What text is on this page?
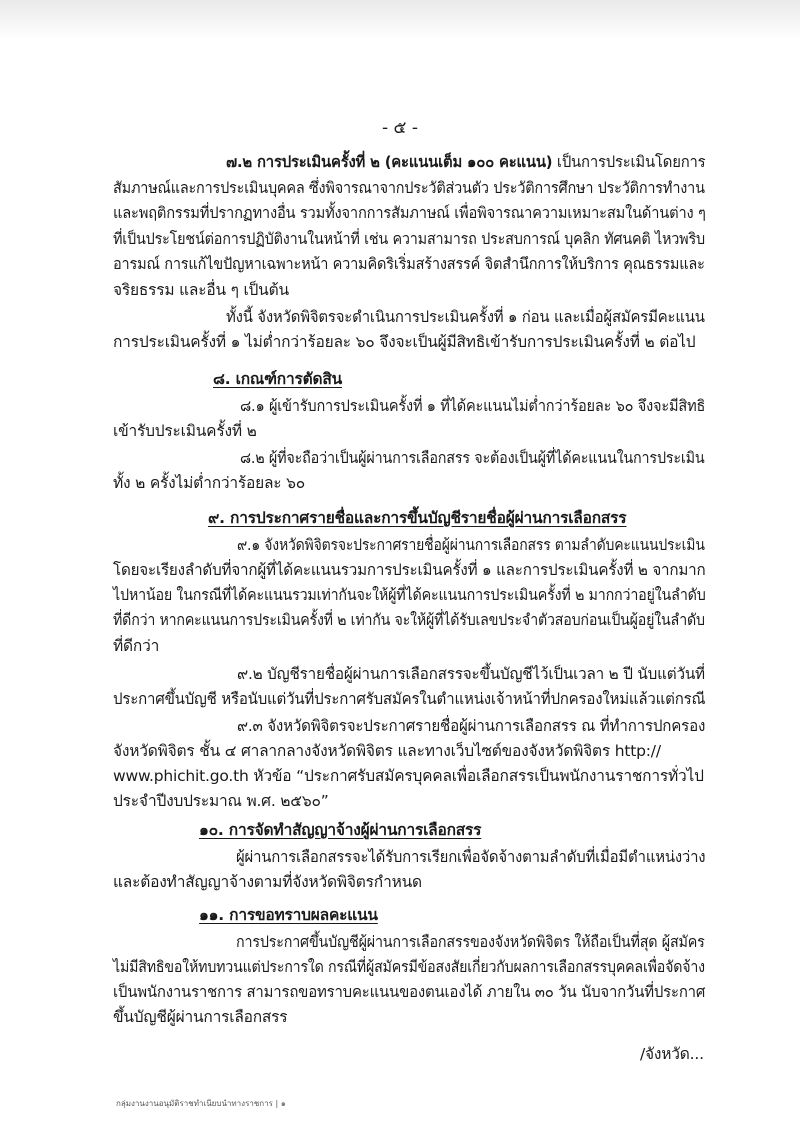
- ๕ -
๗.๒ การประเมินครั้งที่ ๒ (คะแนนเต็ม ๑๐๐ คะแนน) เป็นการประเมินโดยการ
สัมภาษณ์และการประเมินบุคคล ซึ่งพิจารณาจากประวัติส่วนตัว ประวัติการศึกษา ประวัติการทำงาน
และพฤติกรรมที่ปรากฏทางอื่น รวมทั้งจากการสัมภาษณ์ เพื่อพิจารณาความเหมาะสมในด้านต่าง ๆ
ที่เป็นประโยชน์ต่อการปฏิบัติงานในหน้าที่ เช่น ความสามารถ ประสบการณ์ บุคลิก ทัศนคติ ไหวพริบ
อารมณ์ การแก้ไขปัญหาเฉพาะหน้า ความคิดริเริ่มสร้างสรรค์ จิตสำนึกการให้บริการ คุณธรรมและ
จริยธรรม และอื่น ๆ เป็นต้น
ทั้งนี้ จังหวัดพิจิตรจะดำเนินการประเมินครั้งที่ ๑ ก่อน และเมื่อผู้สมัครมีคะแนน
การประเมินครั้งที่ ๑ ไม่ต่ำกว่าร้อยละ ๖๐ จึงจะเป็นผู้มีสิทธิเข้ารับการประเมินครั้งที่ ๒ ต่อไป
๘. เกณฑ์การตัดสิน
๘.๑ ผู้เข้ารับการประเมินครั้งที่ ๑ ที่ได้คะแนนไม่ต่ำกว่าร้อยละ ๖๐ จึงจะมีสิทธิ
เข้ารับประเมินครั้งที่ ๒
๘.๒ ผู้ที่จะถือว่าเป็นผู้ผ่านการเลือกสรร จะต้องเป็นผู้ที่ได้คะแนนในการประเมิน
ทั้ง ๒ ครั้งไม่ต่ำกว่าร้อยละ ๖๐
๙. การประกาศรายชื่อและการขึ้นบัญชีรายชื่อผู้ผ่านการเลือกสรร
๙.๑ จังหวัดพิจิตรจะประกาศรายชื่อผู้ผ่านการเลือกสรร ตามลำดับคะแนนประเมิน
โดยจะเรียงลำดับที่จากผู้ที่ได้คะแนนรวมการประเมินครั้งที่ ๑ และการประเมินครั้งที่ ๒ จากมาก
ไปหาน้อย ในกรณีที่ได้คะแนนรวมเท่ากันจะให้ผู้ที่ได้คะแนนการประเมินครั้งที่ ๒ มากกว่าอยู่ในลำดับ
ที่ดีกว่า หากคะแนนการประเมินครั้งที่ ๒ เท่ากัน จะให้ผู้ที่ได้รับเลขประจำตัวสอบก่อนเป็นผู้อยู่ในลำดับ
ที่ดีกว่า
๙.๒ บัญชีรายชื่อผู้ผ่านการเลือกสรรจะขึ้นบัญชีไว้เป็นเวลา ๒ ปี นับแต่วันที่
ประกาศขึ้นบัญชี หรือนับแต่วันที่ประกาศรับสมัครในตำแหน่งเจ้าหน้าที่ปกครองใหม่แล้วแต่กรณี
๙.๓ จังหวัดพิจิตรจะประกาศรายชื่อผู้ผ่านการเลือกสรร ณ ที่ทำการปกครอง
จังหวัดพิจิตร ชั้น ๔ ศาลากลางจังหวัดพิจิตร และทางเว็บไซต์ของจังหวัดพิจิตร http://
www.phichit.go.th หัวข้อ “ประกาศรับสมัครบุคคลเพื่อเลือกสรรเป็นพนักงานราชการทั่วไป
ประจำปีงบประมาณ พ.ศ. ๒๕๖๐”
๑๐. การจัดทำสัญญาจ้างผู้ผ่านการเลือกสรร
ผู้ผ่านการเลือกสรรจะได้รับการเรียกเพื่อจัดจ้างตามลำดับที่เมื่อมีตำแหน่งว่าง
และต้องทำสัญญาจ้างตามที่จังหวัดพิจิตรกำหนด
๑๑. การขอทราบผลคะแนน
การประกาศขึ้นบัญชีผู้ผ่านการเลือกสรรของจังหวัดพิจิตร ให้ถือเป็นที่สุด ผู้สมัคร
ไม่มีสิทธิขอให้ทบทวนแต่ประการใด กรณีที่ผู้สมัครมีข้อสงสัยเกี่ยวกับผลการเลือกสรรบุคคลเพื่อจัดจ้าง
เป็นพนักงานราชการ สามารถขอทราบคะแนนของตนเองได้ ภายใน ๓๐ วัน นับจากวันที่ประกาศ
ขึ้นบัญชีผู้ผ่านการเลือกสรร
/จังหวัด...
กลุ่มงานงานอนุมัติราชทำเนียบนำทางราชการ | ๑
